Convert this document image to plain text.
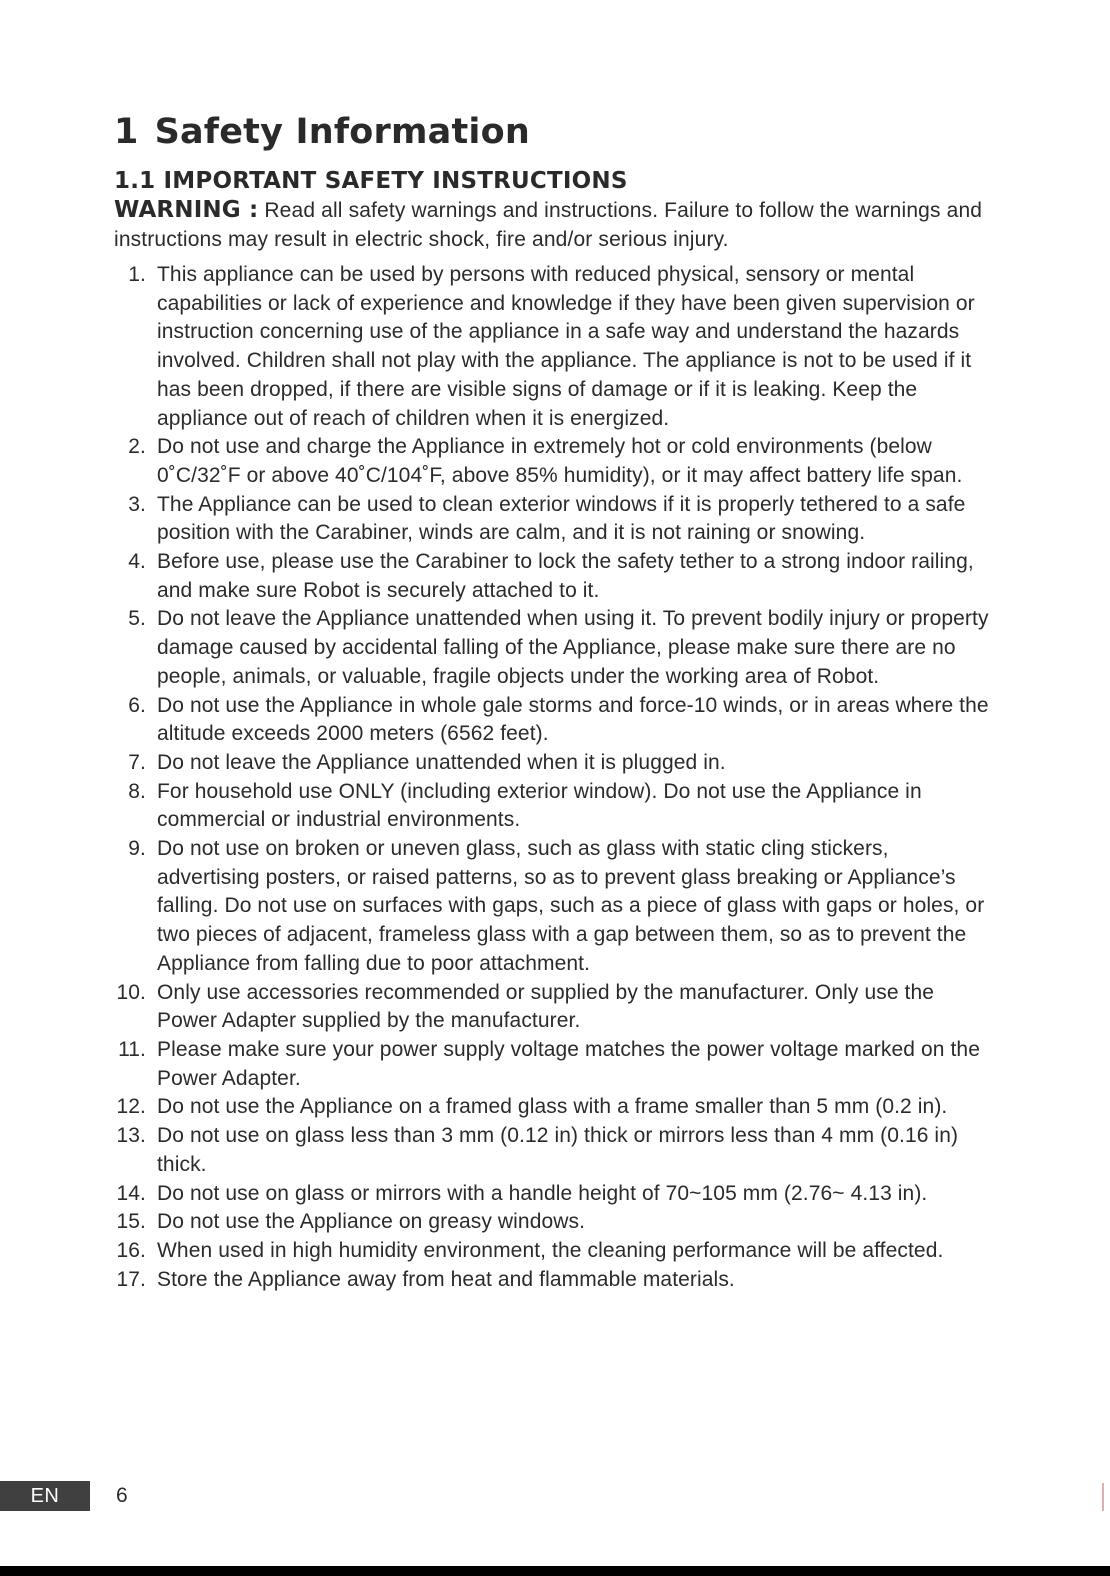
1 Safety Information
1.1 IMPORTANT SAFETY INSTRUCTIONS

WARNING : Read all safety warnings and instructions. Failure to follow the warnings and instructions may result in electric shock, fire and/or serious injury.

1. This appliance can be used by persons with reduced physical, sensory or mental capabilities or lack of experience and knowledge if they have been given supervision or instruction concerning use of the appliance in a safe way and understand the hazards involved. Children shall not play with the appliance. The appliance is not to be used if it has been dropped, if there are visible signs of damage or if it is leaking. Keep the appliance out of reach of children when it is energized.
2. Do not use and charge the Appliance in extremely hot or cold environments (below 0˚C/32˚F or above 40˚C/104˚F, above 85% humidity), or it may affect battery life span.
3. The Appliance can be used to clean exterior windows if it is properly tethered to a safe position with the Carabiner, winds are calm, and it is not raining or snowing.
4. Before use, please use the Carabiner to lock the safety tether to a strong indoor railing, and make sure Robot is securely attached to it.
5. Do not leave the Appliance unattended when using it. To prevent bodily injury or property damage caused by accidental falling of the Appliance, please make sure there are no people, animals, or valuable, fragile objects under the working area of Robot.
6. Do not use the Appliance in whole gale storms and force-10 winds, or in areas where the altitude exceeds 2000 meters (6562 feet).
7. Do not leave the Appliance unattended when it is plugged in.
8. For household use ONLY (including exterior window). Do not use the Appliance in commercial or industrial environments.
9. Do not use on broken or uneven glass, such as glass with static cling stickers, advertising posters, or raised patterns, so as to prevent glass breaking or Appliance’s falling. Do not use on surfaces with gaps, such as a piece of glass with gaps or holes, or two pieces of adjacent, frameless glass with a gap between them, so as to prevent the Appliance from falling due to poor attachment.
10. Only use accessories recommended or supplied by the manufacturer. Only use the Power Adapter supplied by the manufacturer.
11. Please make sure your power supply voltage matches the power voltage marked on the Power Adapter.
12. Do not use the Appliance on a framed glass with a frame smaller than 5 mm (0.2 in).
13. Do not use on glass less than 3 mm (0.12 in) thick or mirrors less than 4 mm (0.16 in) thick.
14. Do not use on glass or mirrors with a handle height of 70~105 mm (2.76~ 4.13 in).
15. Do not use the Appliance on greasy windows.
16. When used in high humidity environment, the cleaning performance will be affected.
17. Store the Appliance away from heat and flammable materials.
EN	6
